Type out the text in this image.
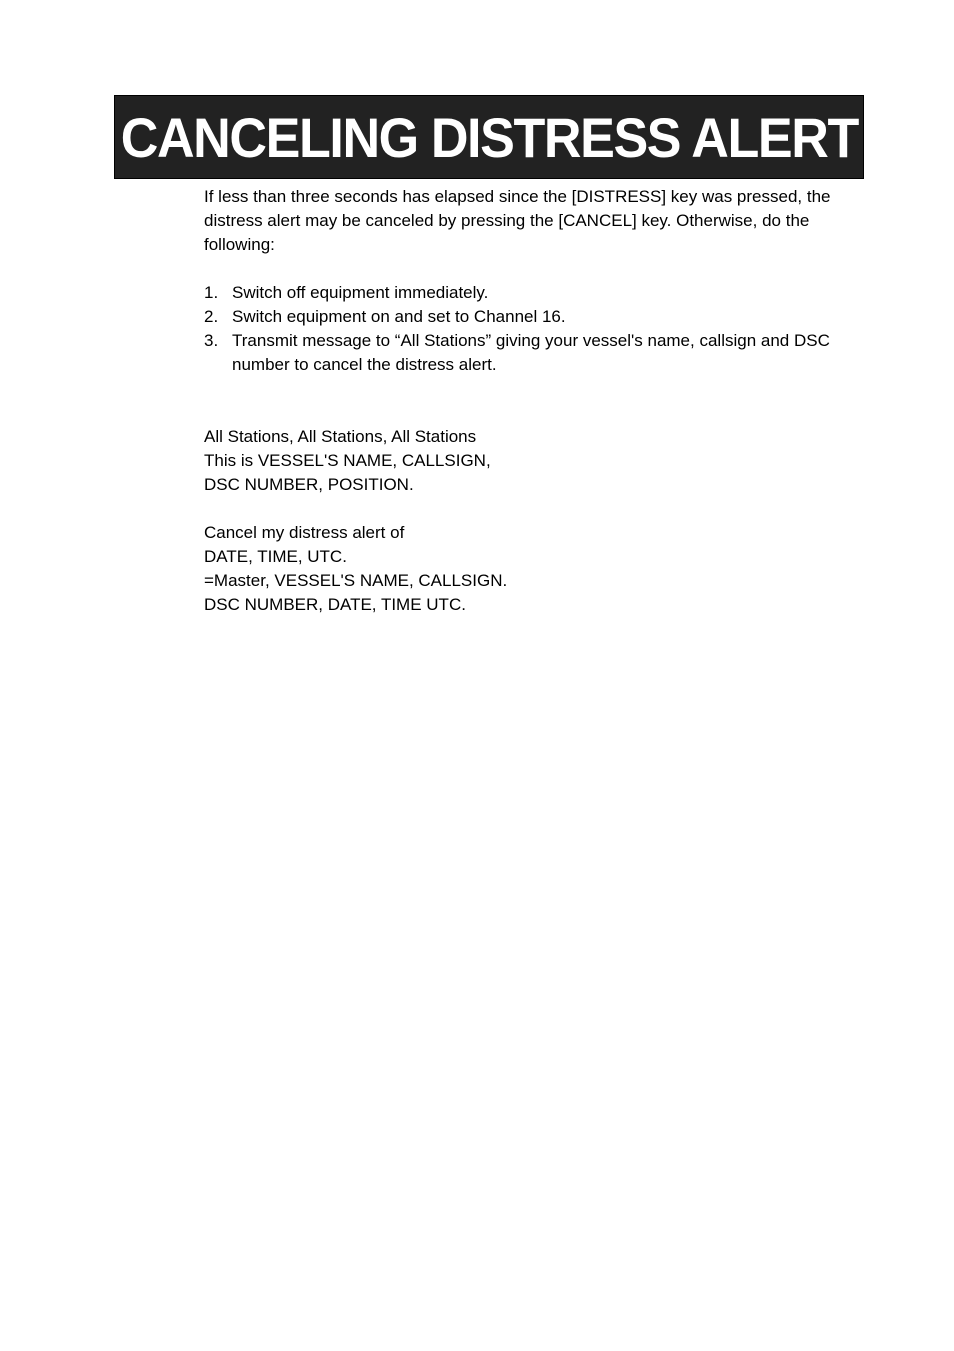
CANCELING DISTRESS ALERT

If less than three seconds has elapsed since the [DISTRESS] key was pressed, the distress alert may be canceled by pressing the [CANCEL] key. Otherwise, do the following:

1. Switch off equipment immediately.
2. Switch equipment on and set to Channel 16.
3. Transmit message to “All Stations” giving your vessel's name, callsign and DSC number to cancel the distress alert.

All Stations, All Stations, All Stations

This is VESSEL'S NAME, CALLSIGN,

DSC NUMBER, POSITION.

Cancel my distress alert of

DATE, TIME, UTC.

=Master, VESSEL'S NAME, CALLSIGN.

DSC NUMBER, DATE, TIME UTC.
